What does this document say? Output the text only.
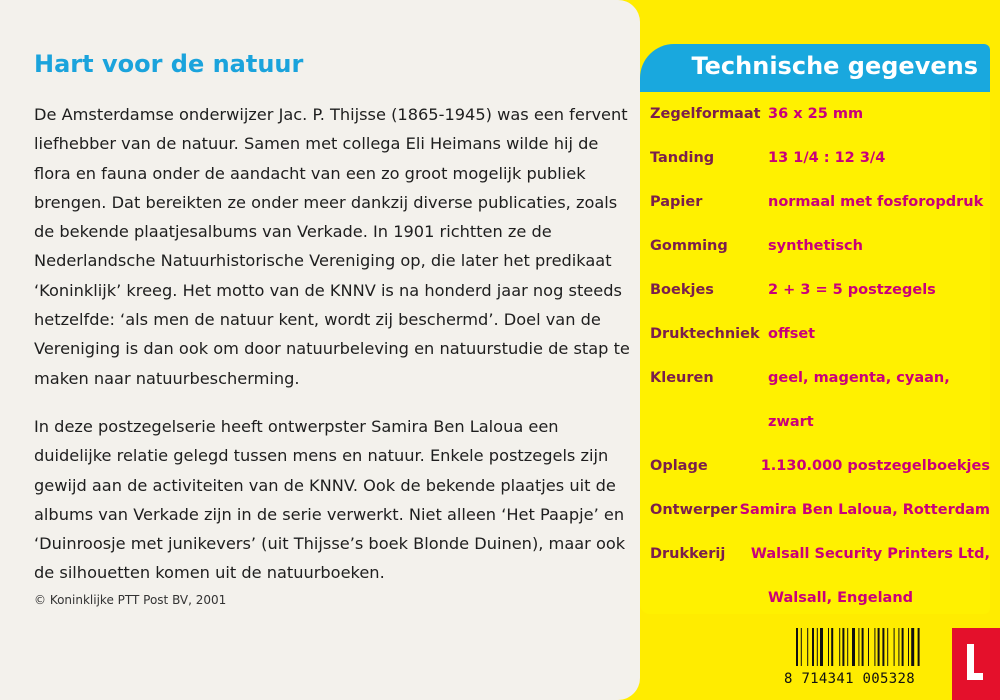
Hart voor de natuur

De Amsterdamse onderwijzer Jac. P. Thijsse (1865-1945) was een fervent liefhebber van de natuur. Samen met collega Eli Heimans wilde hij de flora en fauna onder de aandacht van een zo groot mogelijk publiek brengen. Dat bereikten ze onder meer dankzij diverse publicaties, zoals de bekende plaatjesalbums van Verkade. In 1901 richtten ze de Nederlandsche Natuurhistorische Vereniging op, die later het predikaat ‘Koninklijk’ kreeg. Het motto van de KNNV is na honderd jaar nog steeds hetzelfde: ‘als men de natuur kent, wordt zij beschermd’. Doel van de Vereniging is dan ook om door natuurbeleving en natuurstudie de stap te maken naar natuurbescherming.

In deze postzegelserie heeft ontwerpster Samira Ben Laloua een duidelijke relatie gelegd tussen mens en natuur. Enkele postzegels zijn gewijd aan de activiteiten van de KNNV. Ook de bekende plaatjes uit de albums van Verkade zijn in de serie verwerkt. Niet alleen ‘Het Paapje’ en ‘Duinroosje met junikevers’ (uit Thijsse’s boek Blonde Duinen), maar ook de silhouetten komen uit de natuurboeken.

© Koninklijke PTT Post BV, 2001
Technische gegevens
Zegelformaat 36 x 25 mm
Tanding	13 1/4 : 12 3/4
Papier	normaal met fosforopdruk
Gomming	synthetisch
Boekjes	2 + 3 = 5 postzegels
Druktechniek offset
Kleuren	geel, magenta, cyaan,
zwart
Oplage	1.130.000 postzegelboekjes
Ontwerper Samira Ben Laloua, Rotterdam
Drukkerij	Walsall Security Printers Ltd,
Walsall, Engeland
8 714341 005328
